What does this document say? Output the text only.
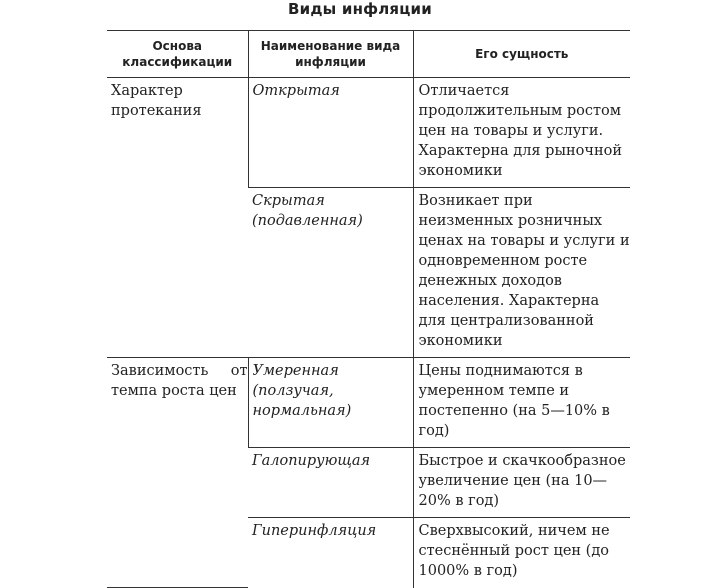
Виды инфляции
Основа классификации	Наименование вида инфляции	Его сущность
Характер протекания	Открытая	Отличается продолжительным ростом цен на товары и услуги. Характерна для рыночной экономики
	Скрытая (подавленная)	Возникает при неизменных розничных ценах на товары и услуги и одновременном росте денежных доходов населения. Характерна для централизованной экономики
Зависимость от темпа роста цен	Умеренная (ползучая, нормальная)	Цены поднимаются в умеренном темпе и постепенно (на 5—10% в год)
	Галопирующая	Быстрое и скачкообразное увеличение цен (на 10—20% в год)
	Гиперинфляция	Сверхвысокий, ничем не стеснённый рост цен (до 1000% в год)
